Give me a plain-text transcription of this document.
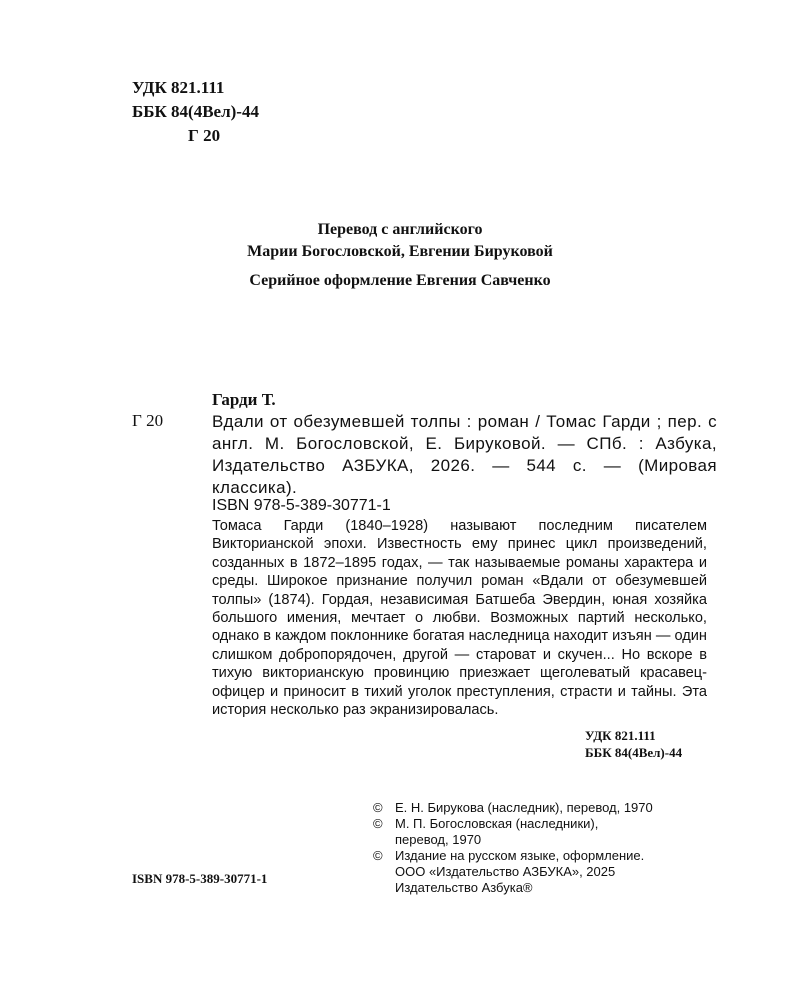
УДК 821.111
ББК 84(4Вел)-44
Г 20
Перевод с английского
Марии Богословской, Евгении Бируковой
Серийное оформление Евгения Савченко
Гарди Т.
Г 20	Вдали от обезумевшей толпы : роман / Томас Гарди ; пер. с англ. М. Богословской, Е. Бируковой. — СПб. : Азбука, Издательство АЗБУКА, 2026. — 544 с. — (Мировая классика).
ISBN 978-5-389-30771-1
Томаса Гарди (1840–1928) называют последним писателем Викторианской эпохи. Известность ему принес цикл произведений, созданных в 1872–1895 годах, — так называемые романы характера и среды. Широкое признание получил роман «Вдали от обезумевшей толпы» (1874). Гордая, независимая Батшеба Эвердин, юная хозяйка большого имения, мечтает о любви. Возможных партий несколько, однако в каждом поклоннике богатая наследница находит изъян — один слишком добропорядочен, другой — староват и скучен... Но вскоре в тихую викторианскую провинцию приезжает щеголеватый красавец-офицер и приносит в тихий уголок преступления, страсти и тайны. Эта история несколько раз экранизировалась.
УДК 821.111
ББК 84(4Вел)-44
© Е. Н. Бирукова (наследник), перевод, 1970
© М. П. Богословская (наследники),
перевод, 1970
© Издание на русском языке, оформление.
ООО «Издательство АЗБУКА», 2025
Издательство Азбука®
ISBN 978-5-389-30771-1
